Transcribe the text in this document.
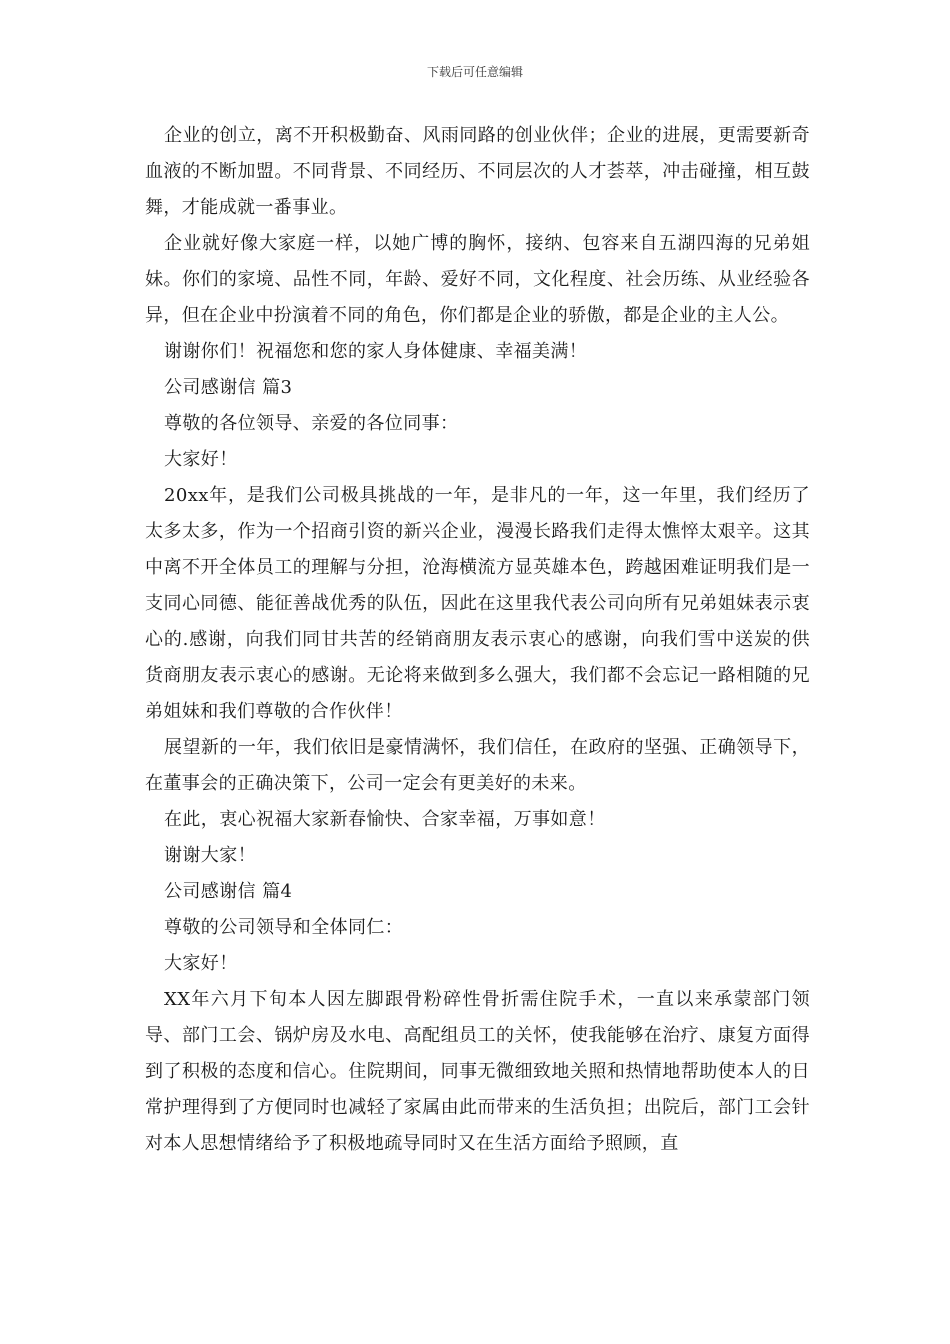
下载后可任意编辑

企业的创立，离不开积极勤奋、风雨同路的创业伙伴；企业的进展，更需要新奇血液的不断加盟。不同背景、不同经历、不同层次的人才荟萃，冲击碰撞，相互鼓舞，才能成就一番事业。

企业就好像大家庭一样，以她广博的胸怀，接纳、包容来自五湖四海的兄弟姐妹。你们的家境、品性不同，年龄、爱好不同，文化程度、社会历练、从业经验各异，但在企业中扮演着不同的角色，你们都是企业的骄傲，都是企业的主人公。

谢谢你们！祝福您和您的家人身体健康、幸福美满！

公司感谢信 篇3

尊敬的各位领导、亲爱的各位同事：

大家好！

20xx年，是我们公司极具挑战的一年，是非凡的一年，这一年里，我们经历了太多太多，作为一个招商引资的新兴企业，漫漫长路我们走得太憔悴太艰辛。这其中离不开全体员工的理解与分担，沧海横流方显英雄本色，跨越困难证明我们是一支同心同德、能征善战优秀的队伍，因此在这里我代表公司向所有兄弟姐妹表示衷心的.感谢，向我们同甘共苦的经销商朋友表示衷心的感谢，向我们雪中送炭的供货商朋友表示衷心的感谢。无论将来做到多么强大，我们都不会忘记一路相随的兄弟姐妹和我们尊敬的合作伙伴！

展望新的一年，我们依旧是豪情满怀，我们信任，在政府的坚强、正确领导下，在董事会的正确决策下，公司一定会有更美好的未来。

在此，衷心祝福大家新春愉快、合家幸福，万事如意！

谢谢大家！

公司感谢信 篇4

尊敬的公司领导和全体同仁：

大家好！

XX年六月下旬本人因左脚跟骨粉碎性骨折需住院手术，一直以来承蒙部门领导、部门工会、锅炉房及水电、高配组员工的关怀，使我能够在治疗、康复方面得到了积极的态度和信心。住院期间，同事无微细致地关照和热情地帮助使本人的日常护理得到了方便同时也减轻了家属由此而带来的生活负担；出院后，部门工会针对本人思想情绪给予了积极地疏导同时又在生活方面给予照顾，直
